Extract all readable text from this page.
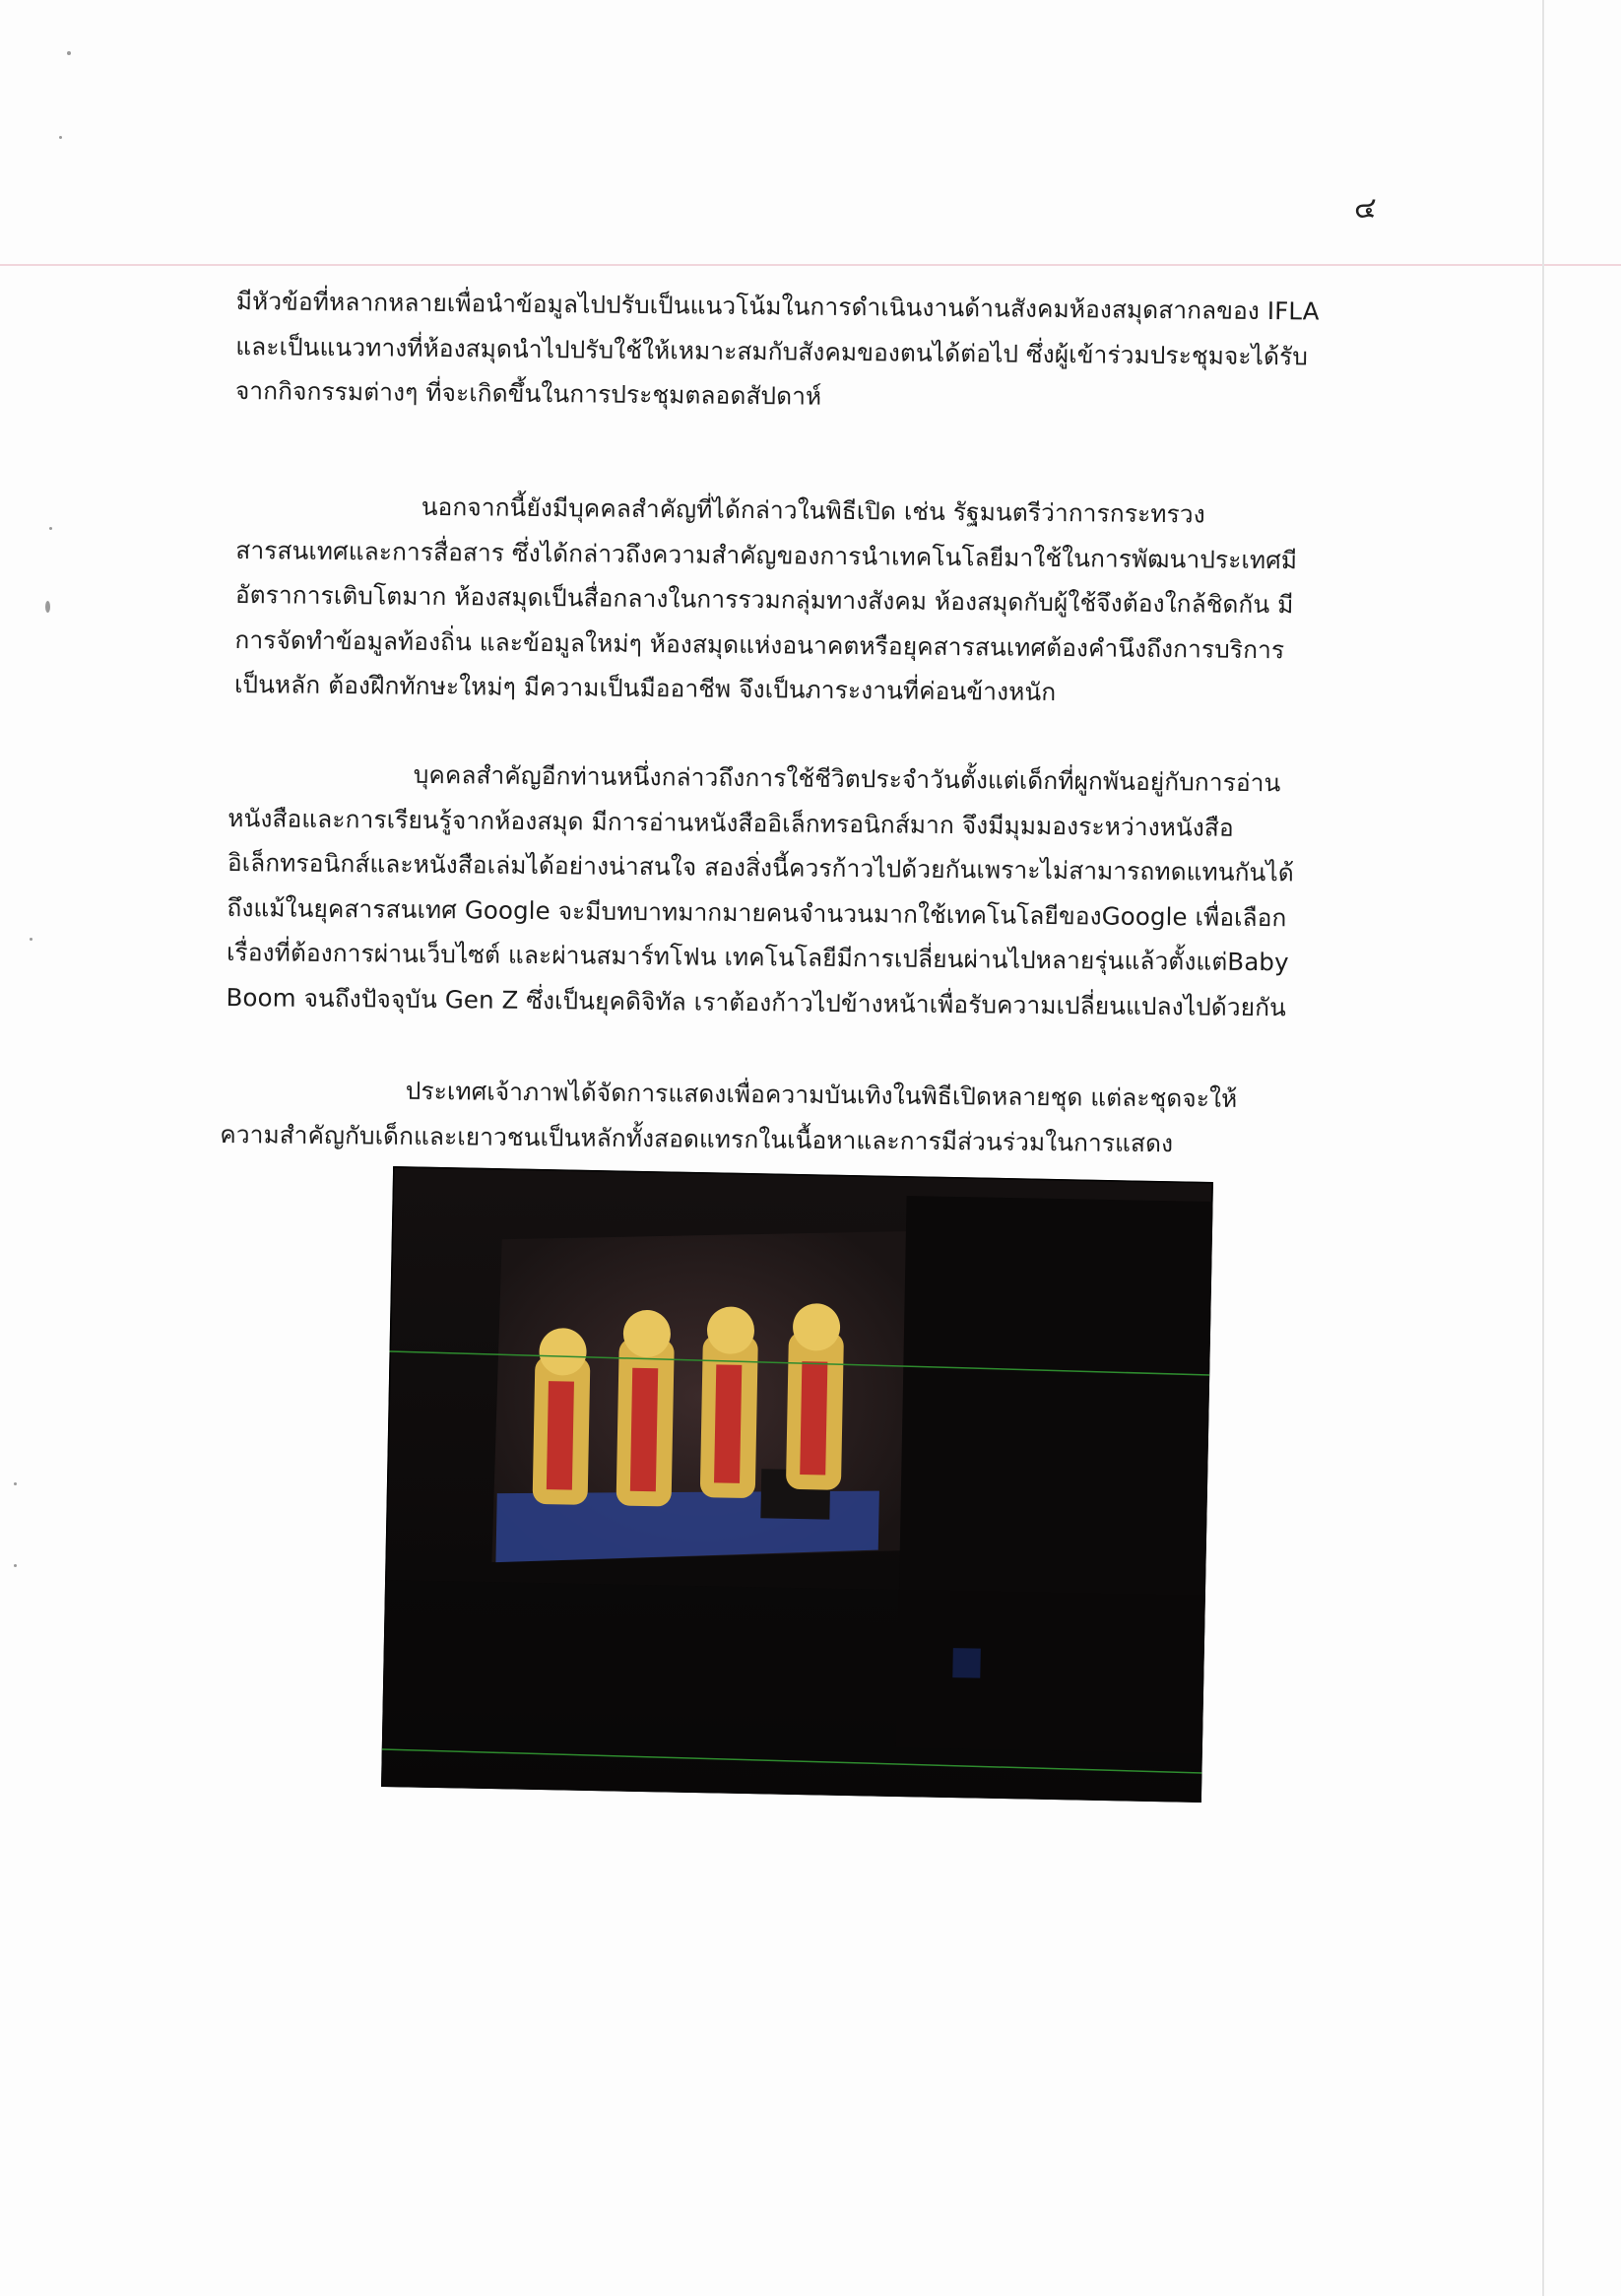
๔

มีหัวข้อที่หลากหลายเพื่อนำข้อมูลไปปรับเป็นแนวโน้มในการดำเนินงานด้านสังคมห้องสมุดสากลของ IFLA
และเป็นแนวทางที่ห้องสมุดนำไปปรับใช้ให้เหมาะสมกับสังคมของตนได้ต่อไป ซึ่งผู้เข้าร่วมประชุมจะได้รับ
จากกิจกรรมต่างๆ ที่จะเกิดขึ้นในการประชุมตลอดสัปดาห์

นอกจากนี้ยังมีบุคคลสำคัญที่ได้กล่าวในพิธีเปิด เช่น รัฐมนตรีว่าการกระทรวง
สารสนเทศและการสื่อสาร ซึ่งได้กล่าวถึงความสำคัญของการนำเทคโนโลยีมาใช้ในการพัฒนาประเทศมี
อัตราการเติบโตมาก ห้องสมุดเป็นสื่อกลางในการรวมกลุ่มทางสังคม ห้องสมุดกับผู้ใช้จึงต้องใกล้ชิดกัน มี
การจัดทำข้อมูลท้องถิ่น และข้อมูลใหม่ๆ ห้องสมุดแห่งอนาคตหรือยุคสารสนเทศต้องคำนึงถึงการบริการ
เป็นหลัก ต้องฝึกทักษะใหม่ๆ มีความเป็นมืออาชีพ จึงเป็นภาระงานที่ค่อนข้างหนัก

บุคคลสำคัญอีกท่านหนึ่งกล่าวถึงการใช้ชีวิตประจำวันตั้งแต่เด็กที่ผูกพันอยู่กับการอ่าน
หนังสือและการเรียนรู้จากห้องสมุด มีการอ่านหนังสืออิเล็กทรอนิกส์มาก จึงมีมุมมองระหว่างหนังสือ
อิเล็กทรอนิกส์และหนังสือเล่มได้อย่างน่าสนใจ สองสิ่งนี้ควรก้าวไปด้วยกันเพราะไม่สามารถทดแทนกันได้
ถึงแม้ในยุคสารสนเทศ Google จะมีบทบาทมากมายคนจำนวนมากใช้เทคโนโลยีของGoogle เพื่อเลือก
เรื่องที่ต้องการผ่านเว็บไซต์ และผ่านสมาร์ทโฟน เทคโนโลยีมีการเปลี่ยนผ่านไปหลายรุ่นแล้วตั้งแต่Baby
Boom จนถึงปัจจุบัน Gen Z ซึ่งเป็นยุคดิจิทัล เราต้องก้าวไปข้างหน้าเพื่อรับความเปลี่ยนแปลงไปด้วยกัน

ประเทศเจ้าภาพได้จัดการแสดงเพื่อความบันเทิงในพิธีเปิดหลายชุด แต่ละชุดจะให้
ความสำคัญกับเด็กและเยาวชนเป็นหลักทั้งสอดแทรกในเนื้อหาและการมีส่วนร่วมในการแสดง
